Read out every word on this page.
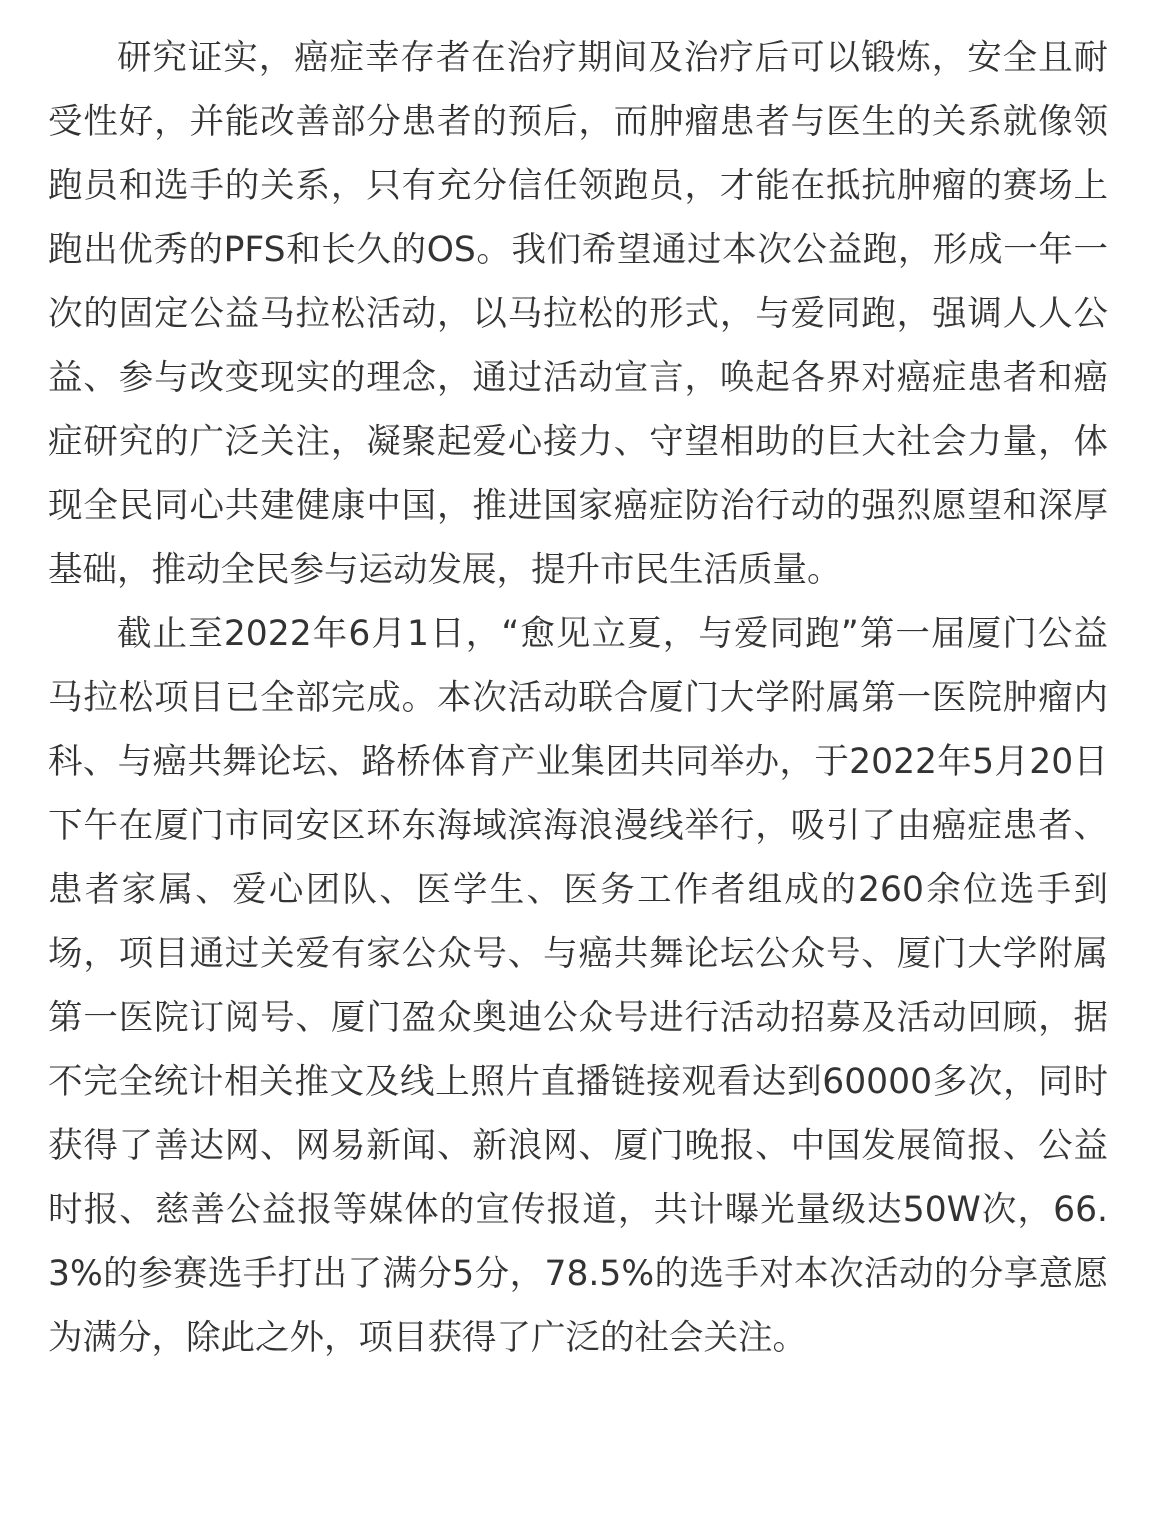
研究证实，癌症幸存者在治疗期间及治疗后可以锻炼，安全且耐受性好，并能改善部分患者的预后，而肿瘤患者与医生的关系就像领跑员和选手的关系，只有充分信任领跑员，才能在抵抗肿瘤的赛场上跑出优秀的PFS和长久的OS。我们希望通过本次公益跑，形成一年一次的固定公益马拉松活动，以马拉松的形式，与爱同跑，强调人人公益、参与改变现实的理念，通过活动宣言，唤起各界对癌症患者和癌症研究的广泛关注，凝聚起爱心接力、守望相助的巨大社会力量，体现全民同心共建健康中国，推进国家癌症防治行动的强烈愿望和深厚基础，推动全民参与运动发展，提升市民生活质量。

截止至2022年6月1日，“愈见立夏，与爱同跑”第一届厦门公益马拉松项目已全部完成。本次活动联合厦门大学附属第一医院肿瘤内科、与癌共舞论坛、路桥体育产业集团共同举办，于2022年5月20日下午在厦门市同安区环东海域滨海浪漫线举行，吸引了由癌症患者、患者家属、爱心团队、医学生、医务工作者组成的260余位选手到场，项目通过关爱有家公众号、与癌共舞论坛公众号、厦门大学附属第一医院订阅号、厦门盈众奥迪公众号进行活动招募及活动回顾，据不完全统计相关推文及线上照片直播链接观看达到60000多次，同时获得了善达网、网易新闻、新浪网、厦门晚报、中国发展简报、公益时报、慈善公益报等媒体的宣传报道，共计曝光量级达50W次，66.3%的参赛选手打出了满分5分，78.5%的选手对本次活动的分享意愿为满分，除此之外，项目获得了广泛的社会关注。
